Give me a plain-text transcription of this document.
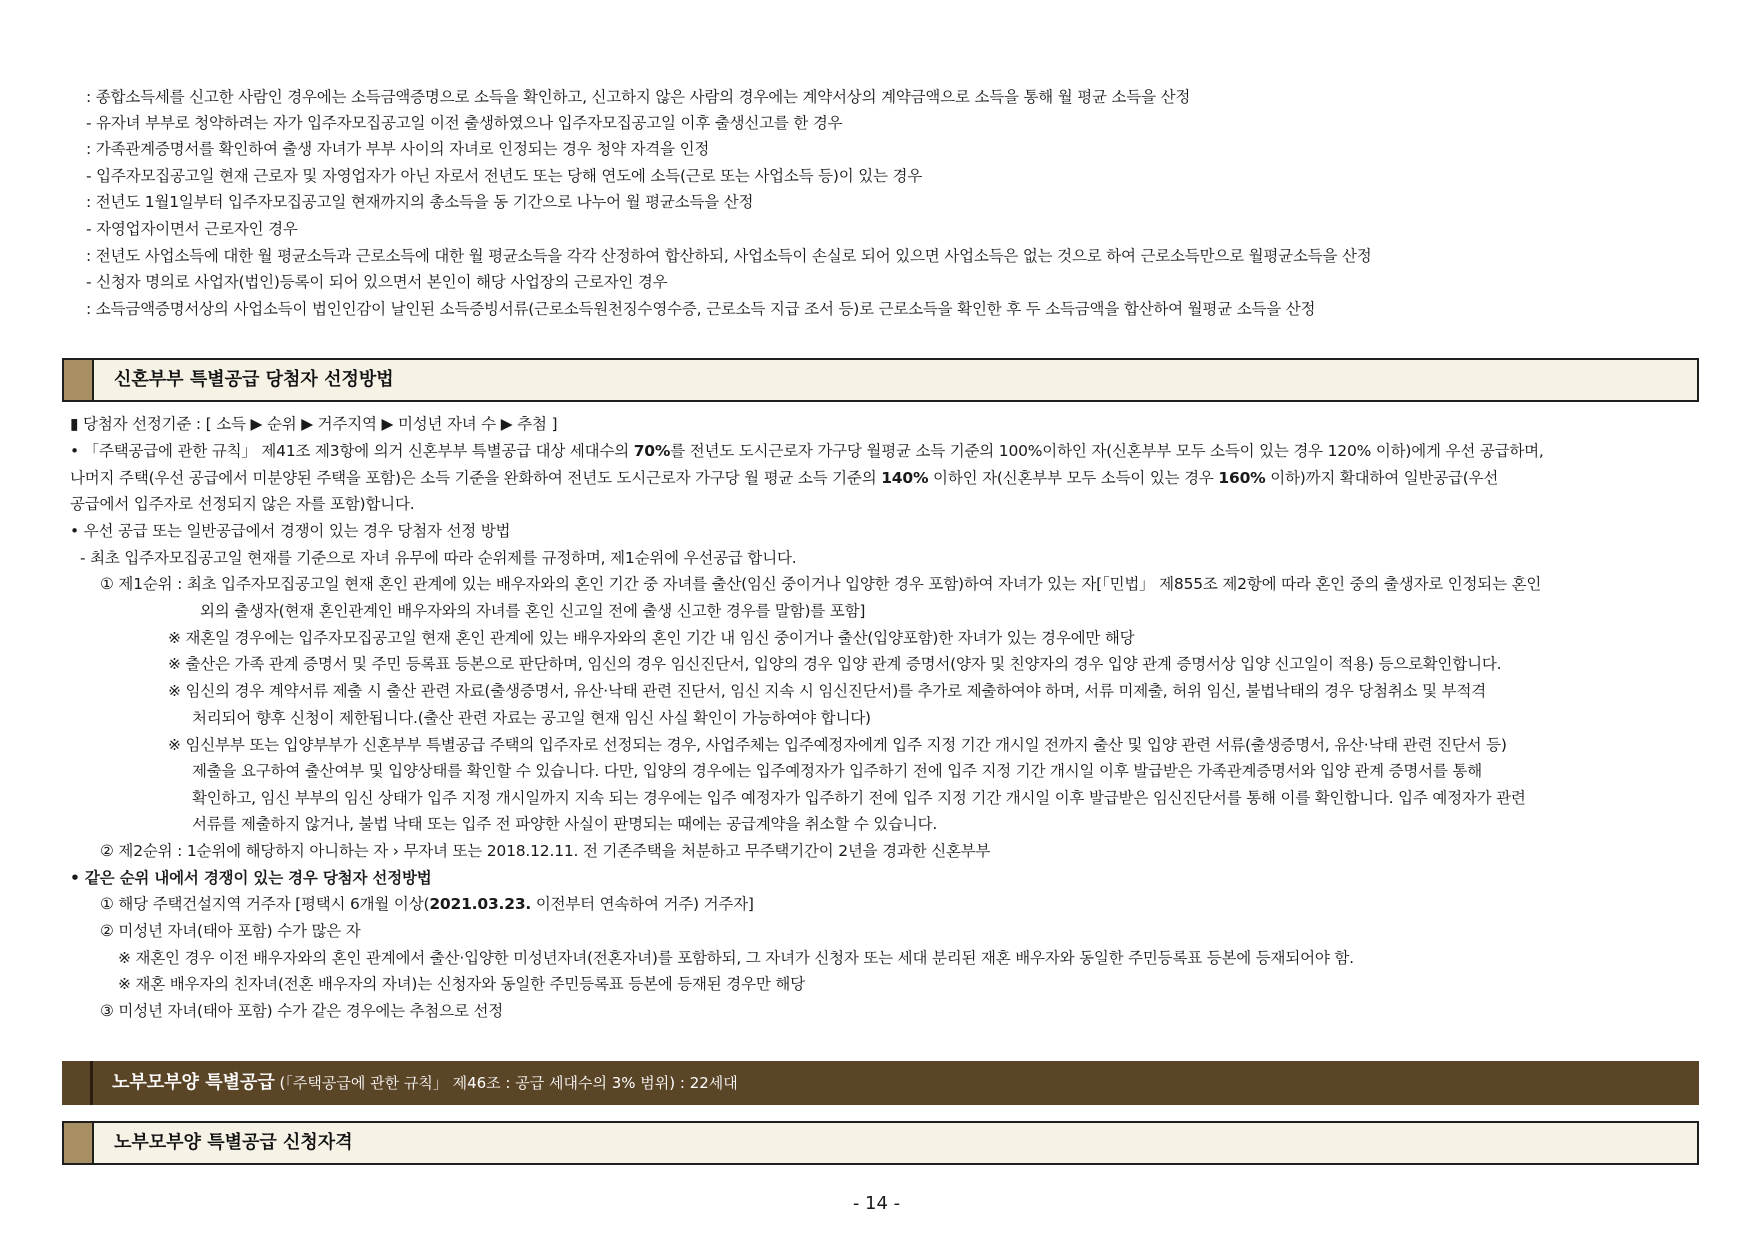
: 종합소득세를 신고한 사람인 경우에는 소득금액증명으로 소득을 확인하고, 신고하지 않은 사람의 경우에는 계약서상의 계약금액으로 소득을 통해 월 평균 소득을 산정
- 유자녀 부부로 청약하려는 자가 입주자모집공고일 이전 출생하였으나 입주자모집공고일 이후 출생신고를 한 경우
: 가족관계증명서를 확인하여 출생 자녀가 부부 사이의 자녀로 인정되는 경우 청약 자격을 인정
- 입주자모집공고일 현재 근로자 및 자영업자가 아닌 자로서 전년도 또는 당해 연도에 소득(근로 또는 사업소득 등)이 있는 경우
: 전년도 1월1일부터 입주자모집공고일 현재까지의 총소득을 동 기간으로 나누어 월 평균소득을 산정
- 자영업자이면서 근로자인 경우
: 전년도 사업소득에 대한 월 평균소득과 근로소득에 대한 월 평균소득을 각각 산정하여 합산하되, 사업소득이 손실로 되어 있으면 사업소득은 없는 것으로 하여 근로소득만으로 월평균소득을 산정
- 신청자 명의로 사업자(법인)등록이 되어 있으면서 본인이 해당 사업장의 근로자인 경우
: 소득금액증명서상의 사업소득이 법인인감이 날인된 소득증빙서류(근로소득원천징수영수증, 근로소득 지급 조서 등)로 근로소득을 확인한 후 두 소득금액을 합산하여 월평균 소득을 산정
신혼부부 특별공급 당첨자 선정방법
▮ 당첨자 선정기준 : [ 소득 ▶ 순위 ▶ 거주지역 ▶ 미성년 자녀 수 ▶ 추첨 ]
• 「주택공급에 관한 규칙」 제41조 제3항에 의거 신혼부부 특별공급 대상 세대수의 70%를 전년도 도시근로자 가구당 월평균 소득 기준의 100%이하인 자(신혼부부 모두 소득이 있는 경우 120% 이하)에게 우선 공급하며,
나머지 주택(우선 공급에서 미분양된 주택을 포함)은 소득 기준을 완화하여 전년도 도시근로자 가구당 월 평균 소득 기준의 140% 이하인 자(신혼부부 모두 소득이 있는 경우 160% 이하)까지 확대하여 일반공급(우선
공급에서 입주자로 선정되지 않은 자를 포함)합니다.
• 우선 공급 또는 일반공급에서 경쟁이 있는 경우 당첨자 선정 방법
- 최초 입주자모집공고일 현재를 기준으로 자녀 유무에 따라 순위제를 규정하며, 제1순위에 우선공급 합니다.
① 제1순위 : 최초 입주자모집공고일 현재 혼인 관계에 있는 배우자와의 혼인 기간 중 자녀를 출산(임신 중이거나 입양한 경우 포함)하여 자녀가 있는 자[「민법」 제855조 제2항에 따라 혼인 중의 출생자로 인정되는 혼인
외의 출생자(현재 혼인관계인 배우자와의 자녀를 혼인 신고일 전에 출생 신고한 경우를 말함)를 포함]
※ 재혼일 경우에는 입주자모집공고일 현재 혼인 관계에 있는 배우자와의 혼인 기간 내 임신 중이거나 출산(입양포함)한 자녀가 있는 경우에만 해당
※ 출산은 가족 관계 증명서 및 주민 등록표 등본으로 판단하며, 임신의 경우 임신진단서, 입양의 경우 입양 관계 증명서(양자 및 친양자의 경우 입양 관계 증명서상 입양 신고일이 적용) 등으로확인합니다.
※ 임신의 경우 계약서류 제출 시 출산 관련 자료(출생증명서, 유산·낙태 관련 진단서, 임신 지속 시 임신진단서)를 추가로 제출하여야 하며, 서류 미제출, 허위 임신, 불법낙태의 경우 당첨취소 및 부적격
처리되어 향후 신청이 제한됩니다.(출산 관련 자료는 공고일 현재 임신 사실 확인이 가능하여야 합니다)
※ 임신부부 또는 입양부부가 신혼부부 특별공급 주택의 입주자로 선정되는 경우, 사업주체는 입주예정자에게 입주 지정 기간 개시일 전까지 출산 및 입양 관련 서류(출생증명서, 유산·낙태 관련 진단서 등)
제출을 요구하여 출산여부 및 입양상태를 확인할 수 있습니다. 다만, 입양의 경우에는 입주예정자가 입주하기 전에 입주 지정 기간 개시일 이후 발급받은 가족관계증명서와 입양 관계 증명서를 통해
확인하고, 임신 부부의 임신 상태가 입주 지정 개시일까지 지속 되는 경우에는 입주 예정자가 입주하기 전에 입주 지정 기간 개시일 이후 발급받은 임신진단서를 통해 이를 확인합니다. 입주 예정자가 관련
서류를 제출하지 않거나, 불법 낙태 또는 입주 전 파양한 사실이 판명되는 때에는 공급계약을 취소할 수 있습니다.
② 제2순위 : 1순위에 해당하지 아니하는 자 › 무자녀 또는 2018.12.11. 전 기존주택을 처분하고 무주택기간이 2년을 경과한 신혼부부
• 같은 순위 내에서 경쟁이 있는 경우 당첨자 선정방법
① 해당 주택건설지역 거주자 [평택시 6개월 이상(2021.03.23. 이전부터 연속하여 거주) 거주자]
② 미성년 자녀(태아 포함) 수가 많은 자
※ 재혼인 경우 이전 배우자와의 혼인 관계에서 출산·입양한 미성년자녀(전혼자녀)를 포함하되, 그 자녀가 신청자 또는 세대 분리된 재혼 배우자와 동일한 주민등록표 등본에 등재되어야 함.
※ 재혼 배우자의 친자녀(전혼 배우자의 자녀)는 신청자와 동일한 주민등록표 등본에 등재된 경우만 해당
③ 미성년 자녀(태아 포함) 수가 같은 경우에는 추첨으로 선정
노부모부양 특별공급 (「주택공급에 관한 규칙」 제46조 : 공급 세대수의 3% 범위) : 22세대
노부모부양 특별공급 신청자격
- 14 -
